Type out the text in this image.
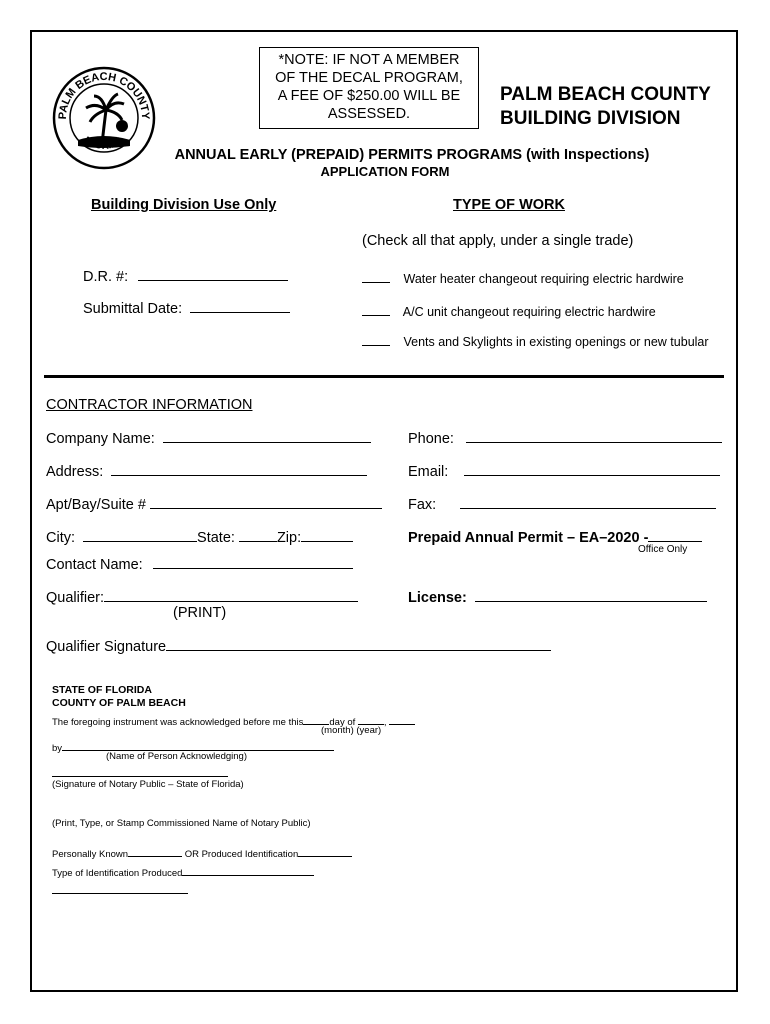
PALM BEACH COUNTY
*NOTE: IF NOT A MEMBER
OF THE DECAL PROGRAM,
A FEE OF $250.00 WILL BE
ASSESSED.
PALM BEACH COUNTY
BUILDING DIVISION
ANNUAL EARLY (PREPAID) PERMITS PROGRAMS (with Inspections)
APPLICATION FORM
Building Division Use Only	TYPE OF WORK
(Check all that apply, under a single trade)
D.R. #:
Submittal Date:
Water heater changeout requiring electric hardwire
A/C unit changeout requiring electric hardwire
Vents and Skylights in existing openings or new tubular
CONTRACTOR INFORMATION
Company Name:	Phone:
Address:	Email:
Apt/Bay/Suite #	Fax:
City:	State:	Zip:	Prepaid Annual Permit – EA–2020 -
Office Only
Contact Name:
Qualifier:
(PRINT)
License:
Qualifier Signature
STATE OF FLORIDA
COUNTY OF PALM BEACH
The foregoing instrument was acknowledged before me this	day of	,
(month) (year)
by
(Name of Person Acknowledging)
(Signature of Notary Public – State of Florida)
(Print, Type, or Stamp Commissioned Name of Notary Public)
Personally Known	OR Produced Identification
Type of Identification Produced
